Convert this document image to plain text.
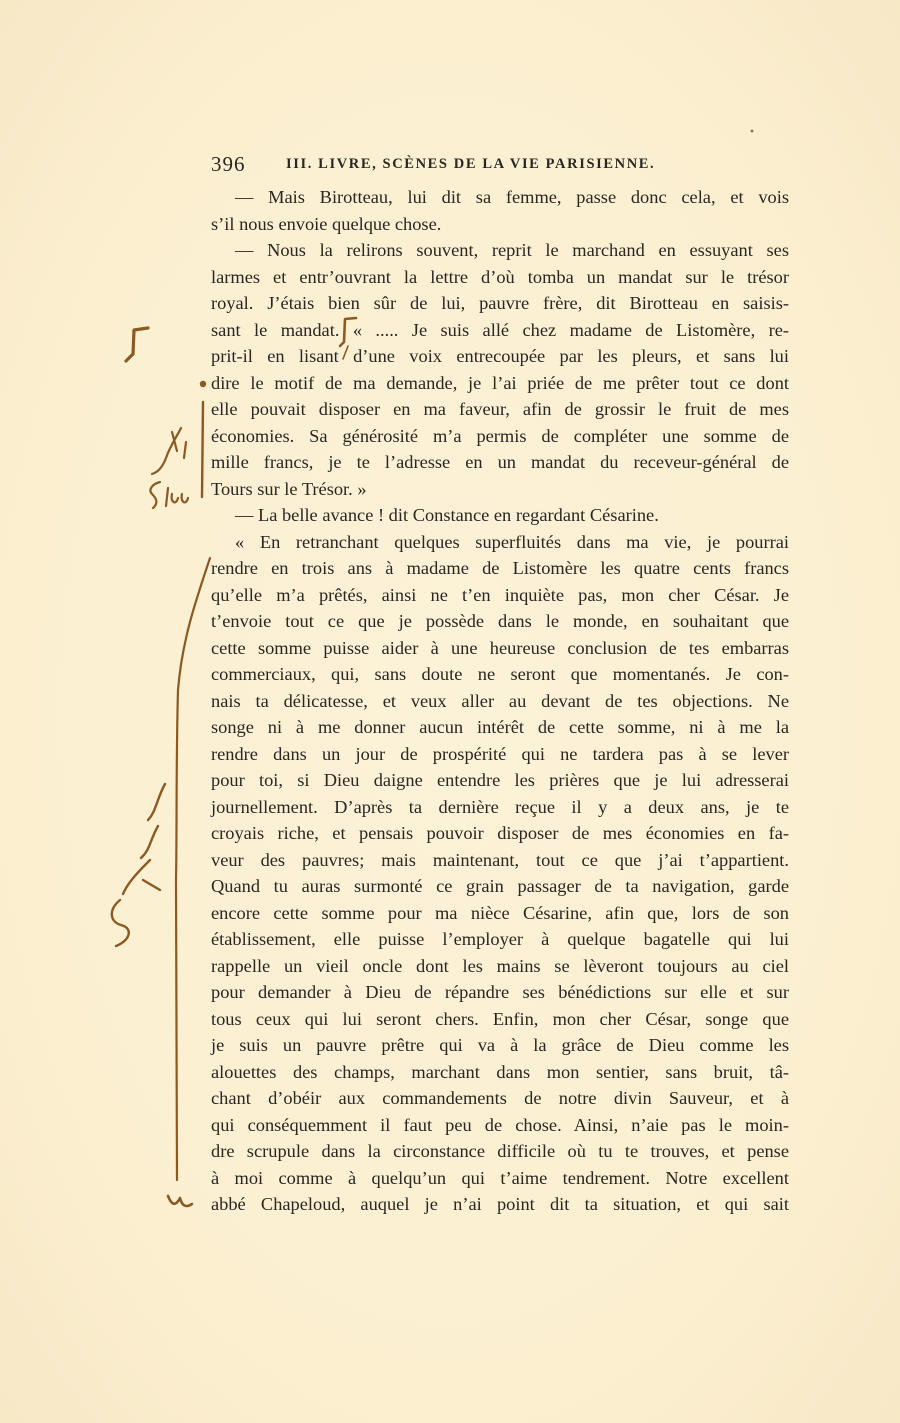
396	III. LIVRE, SCÈNES DE LA VIE PARISIENNE.
— Mais Birotteau, lui dit sa femme, passe donc cela, et vois
s’il nous envoie quelque chose.
— Nous la relirons souvent, reprit le marchand en essuyant ses
larmes et entr’ouvrant la lettre d’où tomba un mandat sur le trésor
royal. J’étais bien sûr de lui, pauvre frère, dit Birotteau en saisis-
sant le mandat. « ..... Je suis allé chez madame de Listomère, re-
prit-il en lisant d’une voix entrecoupée par les pleurs, et sans lui
dire le motif de ma demande, je l’ai priée de me prêter tout ce dont
elle pouvait disposer en ma faveur, afin de grossir le fruit de mes
économies. Sa générosité m’a permis de compléter une somme de
mille francs, je te l’adresse en un mandat du receveur-général de
Tours sur le Trésor. »
— La belle avance ! dit Constance en regardant Césarine.
« En retranchant quelques superfluités dans ma vie, je pourrai
rendre en trois ans à madame de Listomère les quatre cents francs
qu’elle m’a prêtés, ainsi ne t’en inquiète pas, mon cher César. Je
t’envoie tout ce que je possède dans le monde, en souhaitant que
cette somme puisse aider à une heureuse conclusion de tes embarras
commerciaux, qui, sans doute ne seront que momentanés. Je con-
nais ta délicatesse, et veux aller au devant de tes objections. Ne
songe ni à me donner aucun intérêt de cette somme, ni à me la
rendre dans un jour de prospérité qui ne tardera pas à se lever
pour toi, si Dieu daigne entendre les prières que je lui adresserai
journellement. D’après ta dernière reçue il y a deux ans, je te
croyais riche, et pensais pouvoir disposer de mes économies en fa-
veur des pauvres; mais maintenant, tout ce que j’ai t’appartient.
Quand tu auras surmonté ce grain passager de ta navigation, garde
encore cette somme pour ma nièce Césarine, afin que, lors de son
établissement, elle puisse l’employer à quelque bagatelle qui lui
rappelle un vieil oncle dont les mains se lèveront toujours au ciel
pour demander à Dieu de répandre ses bénédictions sur elle et sur
tous ceux qui lui seront chers. Enfin, mon cher César, songe que
je suis un pauvre prêtre qui va à la grâce de Dieu comme les
alouettes des champs, marchant dans mon sentier, sans bruit, tâ-
chant d’obéir aux commandements de notre divin Sauveur, et à
qui conséquemment il faut peu de chose. Ainsi, n’aie pas le moin-
dre scrupule dans la circonstance difficile où tu te trouves, et pense
à moi comme à quelqu’un qui t’aime tendrement. Notre excellent
abbé Chapeloud, auquel je n’ai point dit ta situation, et qui sait
